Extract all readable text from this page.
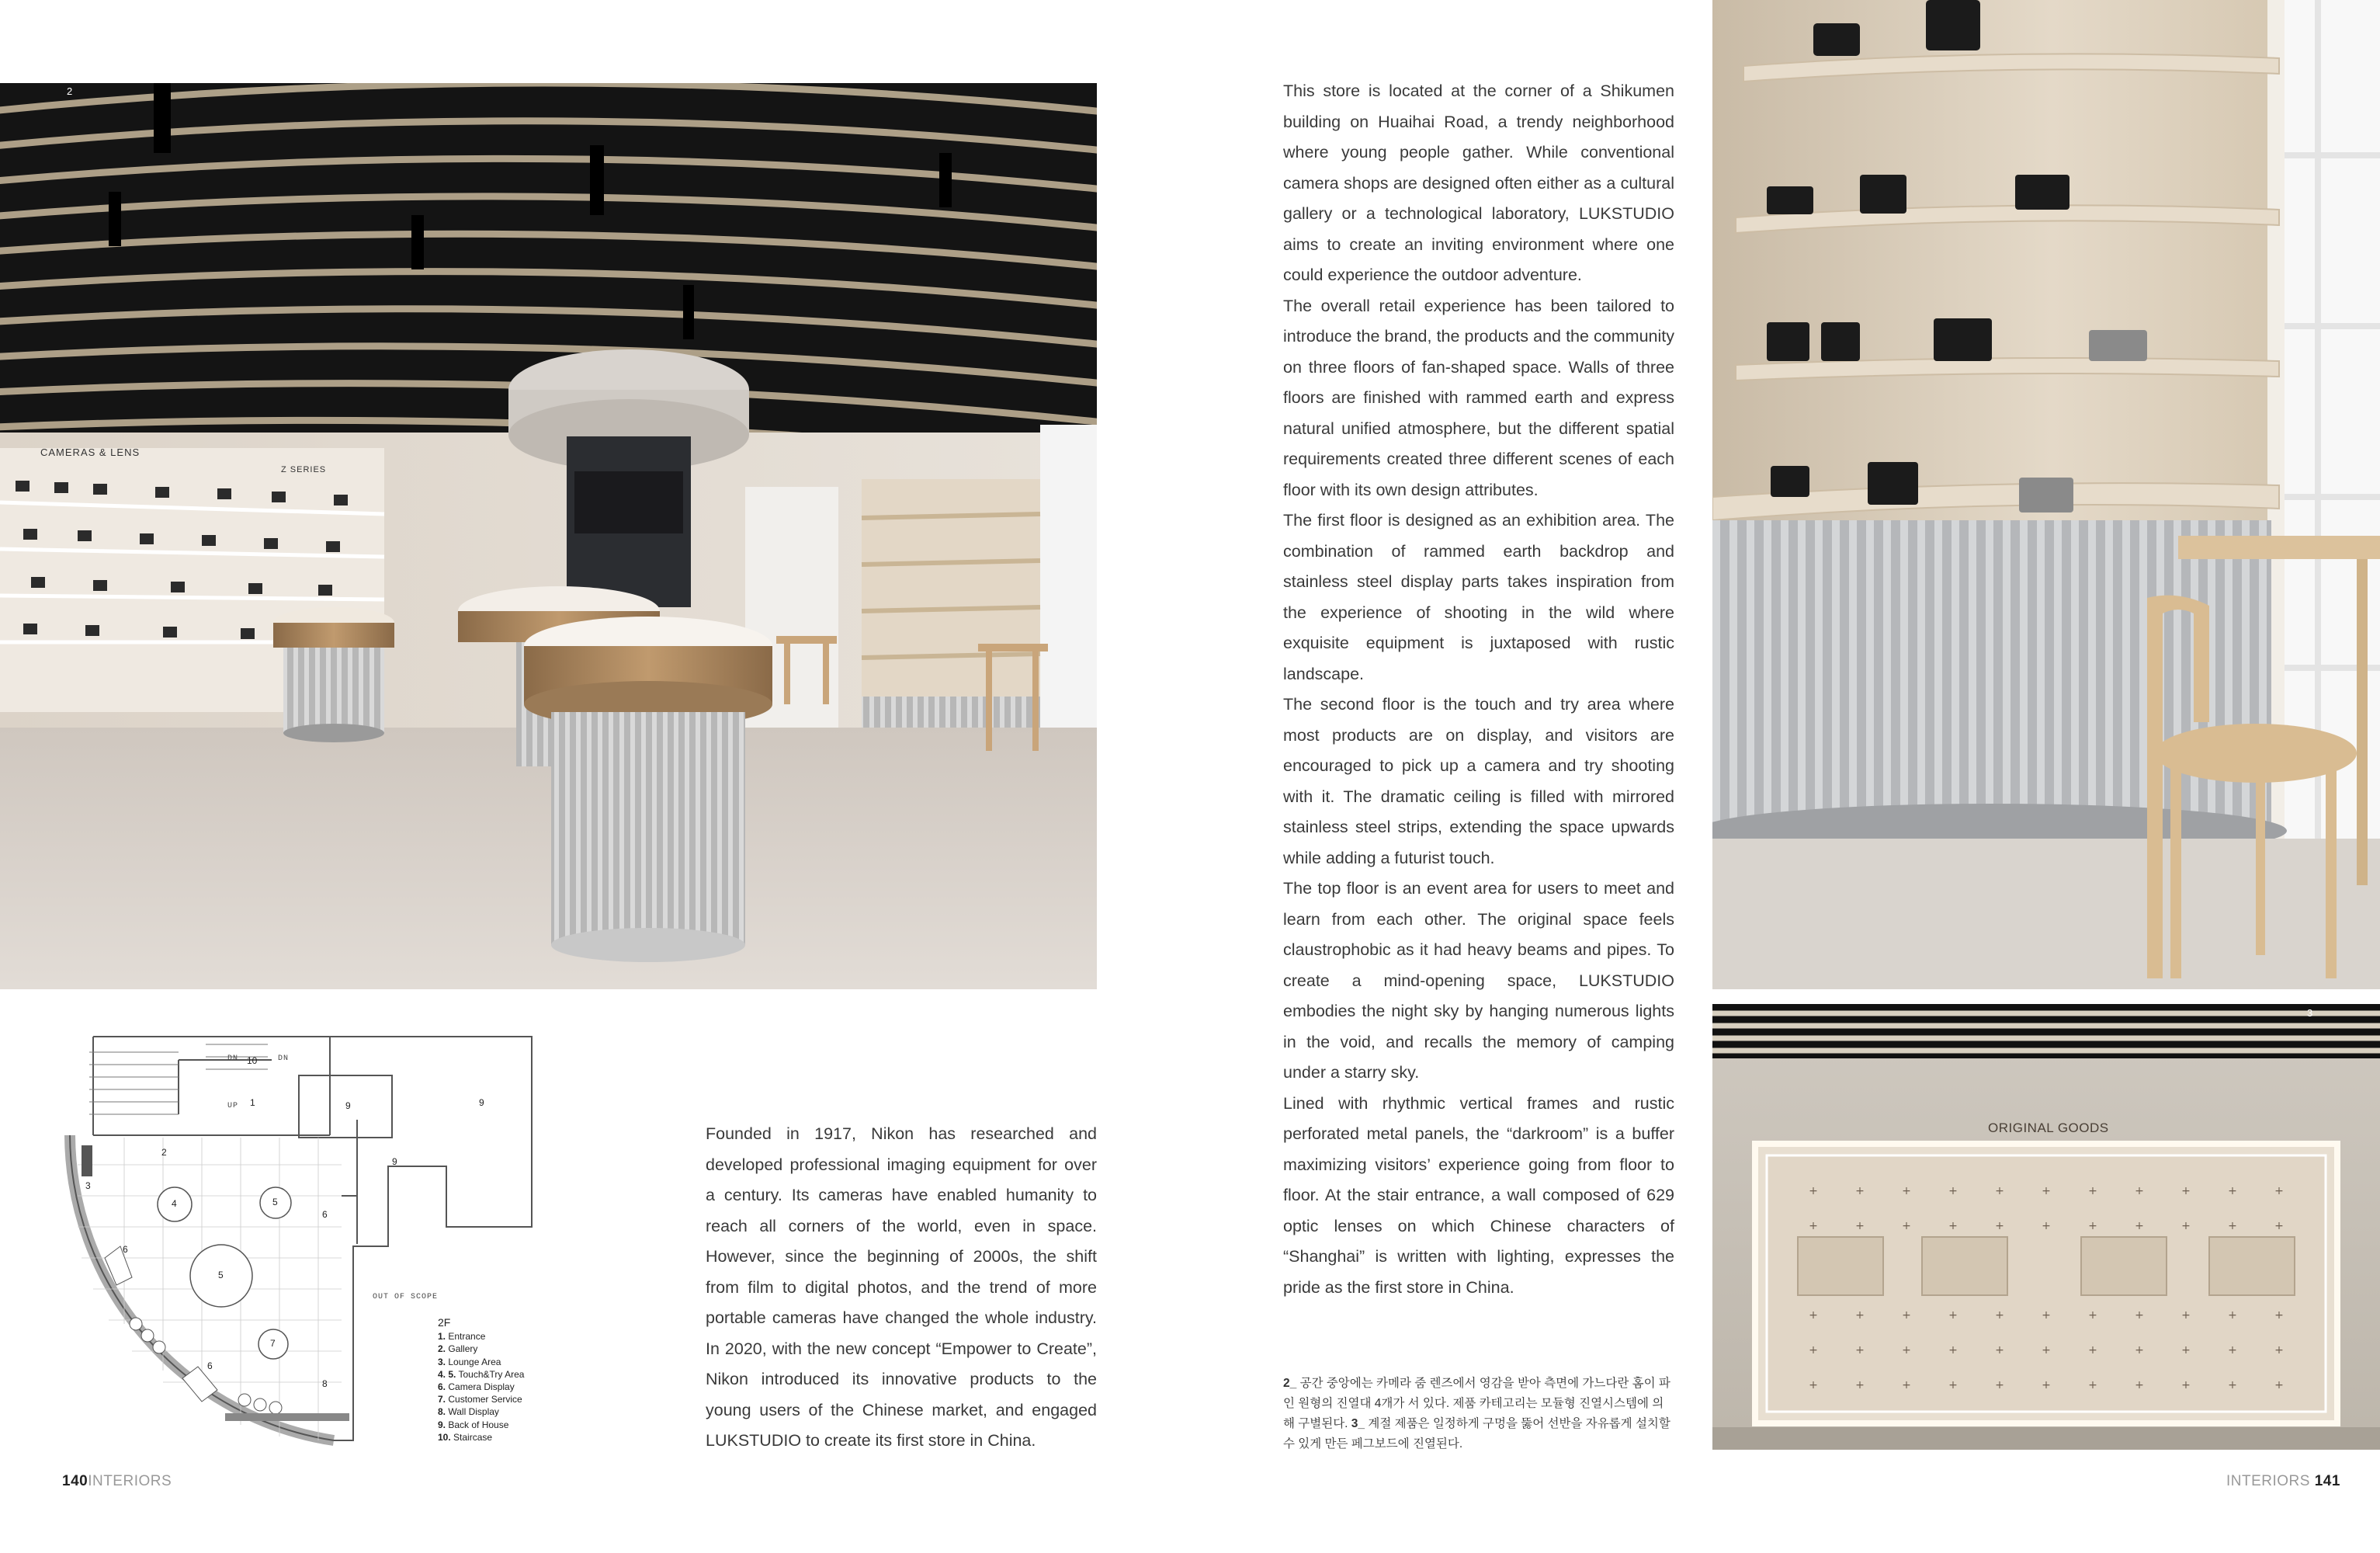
CAMERAS & LENS
Z SERIES
2
DN 10	DN
UP 1
2
3
4	5
5
6
6
6
7
8
9	9
9
OUT OF SCOPE
2F
1. Entrance
2. Gallery
3. Lounge Area
4. 5. Touch&Try Area
6. Camera Display
7. Customer Service
8. Wall Display
9. Back of House
10. Staircase

Founded in 1917, Nikon has researched and developed professional imaging equipment for over a century. Its cameras have enabled humanity to reach all corners of the world, even in space. However, since the beginning of 2000s, the shift from film to digital photos, and the trend of more portable cameras have changed the whole industry. In 2020, with the new concept “Empower to Create”, Nikon introduced its innovative products to the young users of the Chinese market, and engaged LUKSTUDIO to create its first store in China.

140INTERIORS

This store is located at the corner of a Shikumen building on Huaihai Road, a trendy neighborhood where young people gather. While conventional camera shops are designed often either as a cultural gallery or a technological laboratory, LUKSTUDIO aims to create an inviting environment where one could experience the outdoor adventure.

The overall retail experience has been tailored to introduce the brand, the products and the community on three floors of fan-shaped space. Walls of three floors are finished with rammed earth and express natural unified atmosphere, but the different spatial requirements created three different scenes of each floor with its own design attributes.

The first floor is designed as an exhibition area. The combination of rammed earth backdrop and stainless steel display parts takes inspiration from the experience of shooting in the wild where exquisite equipment is juxtaposed with rustic landscape.

The second floor is the touch and try area where most products are on display, and visitors are encouraged to pick up a camera and try shooting with it. The dramatic ceiling is filled with mirrored stainless steel strips, extending the space upwards while adding a futurist touch.

The top floor is an event area for users to meet and learn from each other. The original space feels claustrophobic as it had heavy beams and pipes. To create a mind-opening space, LUKSTUDIO embodies the night sky by hanging numerous lights in the void, and recalls the memory of camping under a starry sky.

Lined with rhythmic vertical frames and rustic perforated metal panels, the “darkroom” is a buffer maximizing visitors’ experience going from floor to floor. At the stair entrance, a wall composed of 629 optic lenses on which Chinese characters of “Shanghai” is written with lighting, expresses the pride as the first store in China.

2_ 공간 중앙에는 카메라 줌 렌즈에서 영감을 받아 측면에 가느다란 홈이 파인 원형의 진열대 4개가 서 있다. 제품 카테고리는 모듈형 진열시스템에 의해 구별된다. 3_ 계절 제품은 일정하게 구멍을 뚫어 선반을 자유롭게 설치할 수 있게 만든 페그보드에 진열된다.
+	+	+	+	+	+	+	+	+	+	+
+	+	+	+	+	+	+	+	+	+	+
+	+	+	+	+	+	+	+	+	+	+
+	+	+	+	+	+	+	+	+	+	+
+	+	+	+	+	+	+	+	+	+	+
ORIGINAL GOODS
3
INTERIORS 141
